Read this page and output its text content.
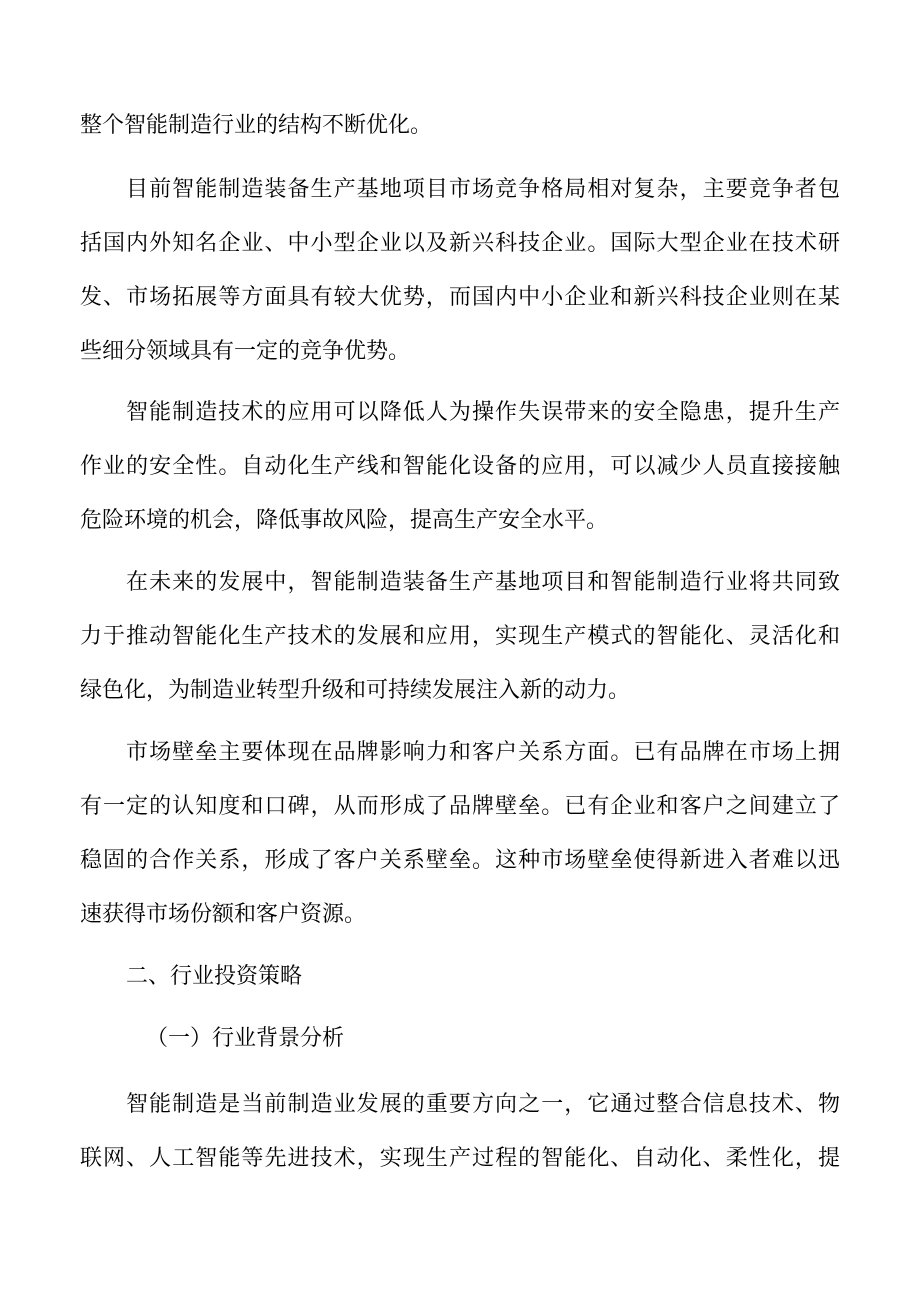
整个智能制造行业的结构不断优化。
目前智能制造装备生产基地项目市场竞争格局相对复杂，主要竞争者包
括国内外知名企业、中小型企业以及新兴科技企业。国际大型企业在技术研
发、市场拓展等方面具有较大优势，而国内中小企业和新兴科技企业则在某
些细分领域具有一定的竞争优势。
智能制造技术的应用可以降低人为操作失误带来的安全隐患，提升生产
作业的安全性。自动化生产线和智能化设备的应用，可以减少人员直接接触
危险环境的机会，降低事故风险，提高生产安全水平。
在未来的发展中，智能制造装备生产基地项目和智能制造行业将共同致
力于推动智能化生产技术的发展和应用，实现生产模式的智能化、灵活化和
绿色化，为制造业转型升级和可持续发展注入新的动力。
市场壁垒主要体现在品牌影响力和客户关系方面。已有品牌在市场上拥
有一定的认知度和口碑，从而形成了品牌壁垒。已有企业和客户之间建立了
稳固的合作关系，形成了客户关系壁垒。这种市场壁垒使得新进入者难以迅
速获得市场份额和客户资源。
二、行业投资策略
（一）行业背景分析
智能制造是当前制造业发展的重要方向之一，它通过整合信息技术、物
联网、人工智能等先进技术，实现生产过程的智能化、自动化、柔性化，提
